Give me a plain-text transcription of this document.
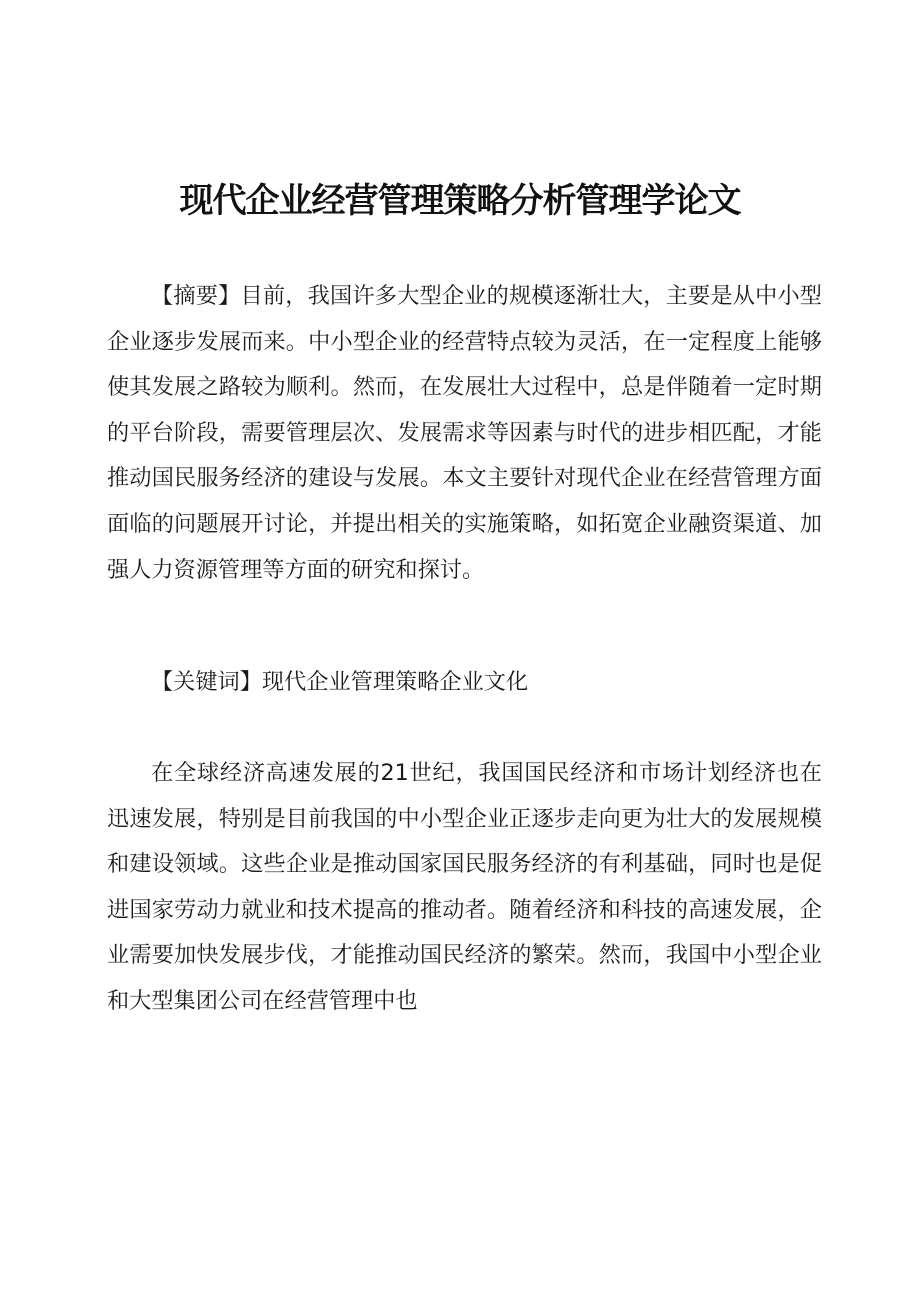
现代企业经营管理策略分析管理学论文

【摘要】目前，我国许多大型企业的规模逐渐壮大，主要是从中小型企业逐步发展而来。中小型企业的经营特点较为灵活，在一定程度上能够使其发展之路较为顺利。然而，在发展壮大过程中，总是伴随着一定时期的平台阶段，需要管理层次、发展需求等因素与时代的进步相匹配，才能推动国民服务经济的建设与发展。本文主要针对现代企业在经营管理方面面临的问题展开讨论，并提出相关的实施策略，如拓宽企业融资渠道、加强人力资源管理等方面的研究和探讨。

【关键词】现代企业管理策略企业文化

在全球经济高速发展的21世纪，我国国民经济和市场计划经济也在迅速发展，特别是目前我国的中小型企业正逐步走向更为壮大的发展规模和建设领域。这些企业是推动国家国民服务经济的有利基础，同时也是促进国家劳动力就业和技术提高的推动者。随着经济和科技的高速发展，企业需要加快发展步伐，才能推动国民经济的繁荣。然而，我国中小型企业和大型集团公司在经营管理中也
